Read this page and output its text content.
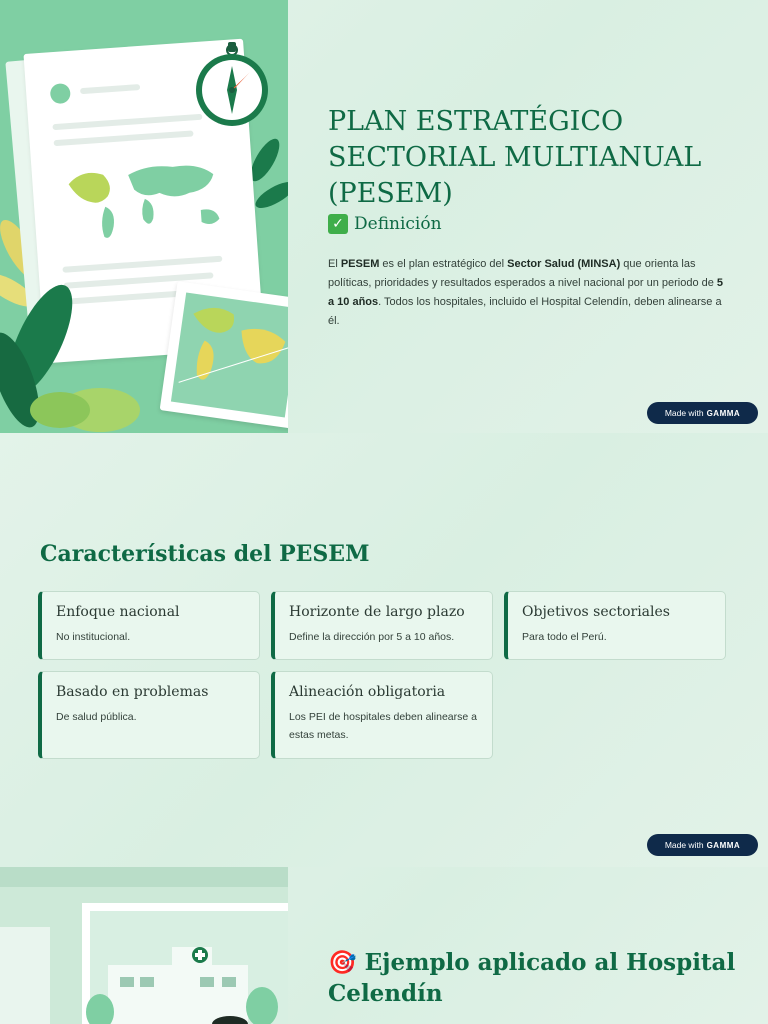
PLAN ESTRATÉGICO SECTORIAL MULTIANUAL (PESEM)
✓ Definición

El PESEM es el plan estratégico del Sector Salud (MINSA) que orienta las políticas, prioridades y resultados esperados a nivel nacional por un periodo de 5 a 10 años. Todos los hospitales, incluido el Hospital Celendín, deben alinearse a él.

Made with GAMMA
Características del PESEM
Enfoque nacional
No institucional.
Horizonte de largo plazo
Define la dirección por 5 a 10 años.
Objetivos sectoriales
Para todo el Perú.
Basado en problemas
De salud pública.
Alineación obligatoria
Los PEI de hospitales deben alinearse a estas metas.
Made with GAMMA
🎯 Ejemplo aplicado al Hospital Celendín
